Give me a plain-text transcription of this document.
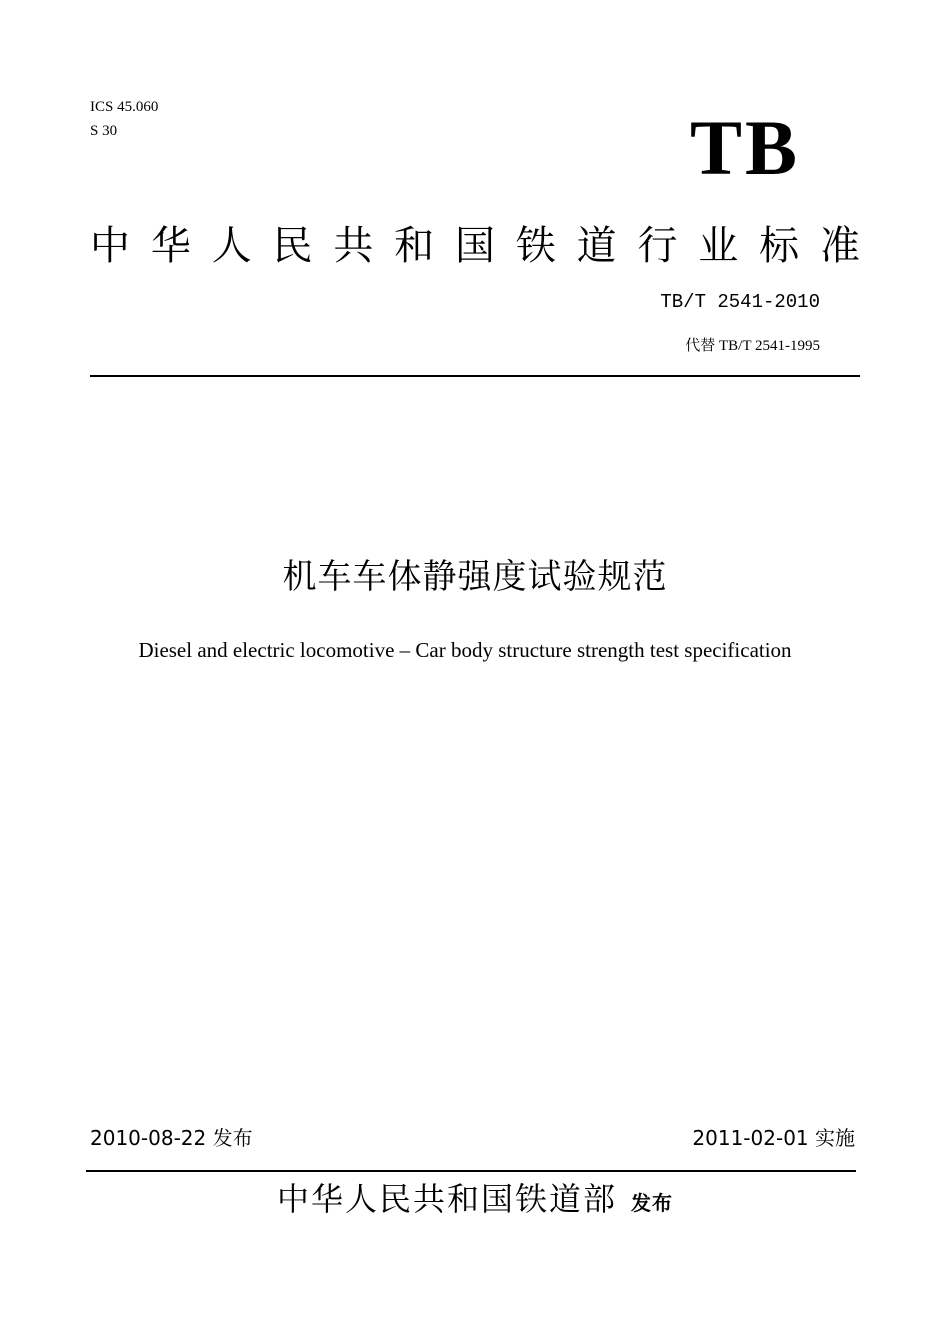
ICS 45.060
S 30	TB
中 华 人 民 共 和 国 铁 道 行 业 标 准
TB/T 2541-2010
代替 TB/T 2541-1995
机车车体静强度试验规范
Diesel and electric locomotive – Car body structure strength test specification
2010-08-22 发布	2011-02-01 实施
中华人民共和国铁道部 发布
